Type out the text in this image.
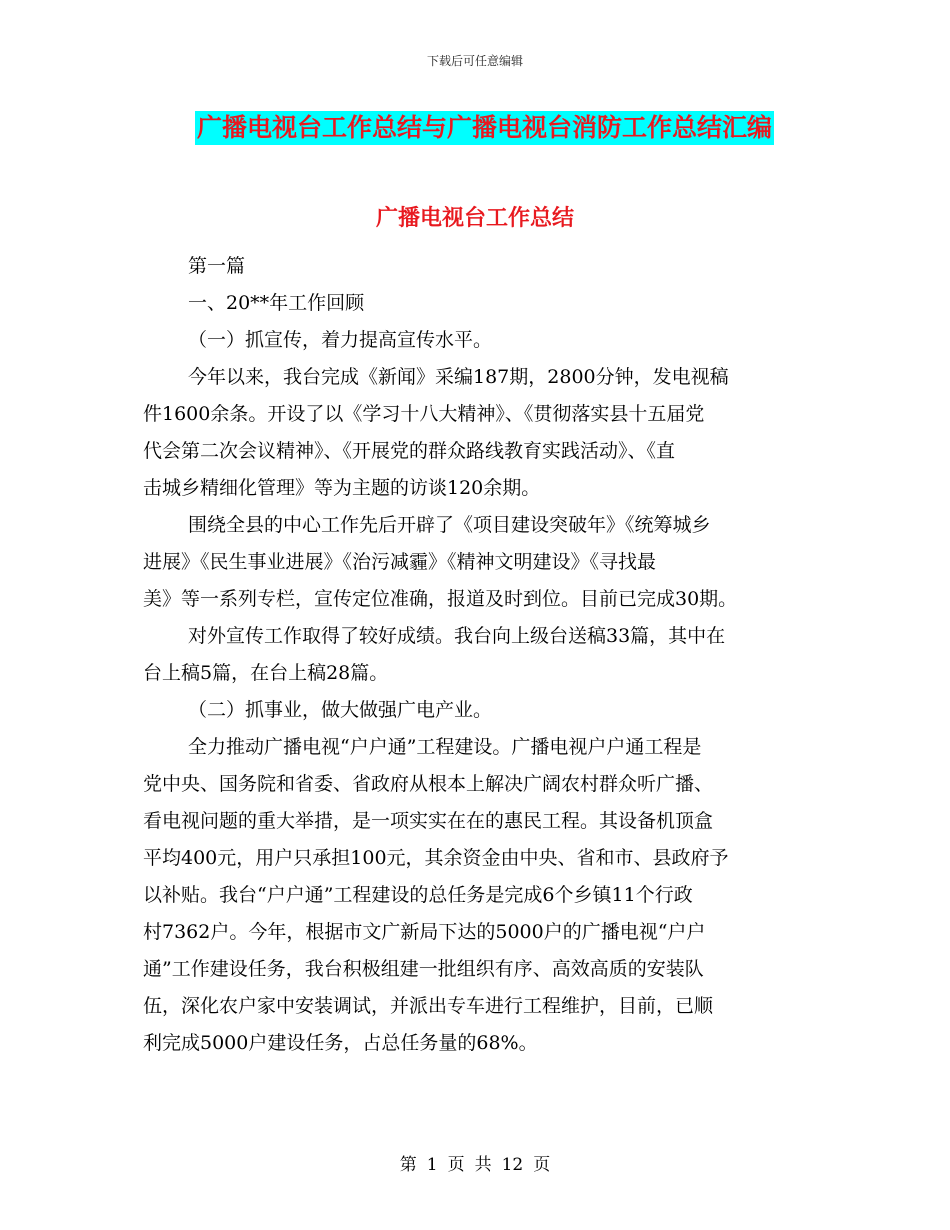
下载后可任意编辑
广播电视台工作总结与广播电视台消防工作总结汇编
广播电视台工作总结
第一篇
一、20**年工作回顾
（一）抓宣传，着力提高宣传水平。
今年以来，我台完成《新闻》采编187期，2800分钟，发电视稿
件1600余条。开设了以《学习十八大精神》、《贯彻落实县十五届党
代会第二次会议精神》、《开展党的群众路线教育实践活动》、《直
击城乡精细化管理》等为主题的访谈120余期。
围绕全县的中心工作先后开辟了《项目建设突破年》《统筹城乡
进展》《民生事业进展》《治污减霾》《精神文明建设》《寻找最
美》等一系列专栏，宣传定位准确，报道及时到位。目前已完成30期。
对外宣传工作取得了较好成绩。我台向上级台送稿33篇，其中在
台上稿5篇，在台上稿28篇。
（二）抓事业，做大做强广电产业。
全力推动广播电视“户户通”工程建设。广播电视户户通工程是
党中央、国务院和省委、省政府从根本上解决广阔农村群众听广播、
看电视问题的重大举措，是一项实实在在的惠民工程。其设备机顶盒
平均400元，用户只承担100元，其余资金由中央、省和市、县政府予
以补贴。我台“户户通”工程建设的总任务是完成6个乡镇11个行政
村7362户。今年，根据市文广新局下达的5000户的广播电视“户户
通”工作建设任务，我台积极组建一批组织有序、高效高质的安装队
伍，深化农户家中安装调试，并派出专车进行工程维护，目前，已顺
利完成5000户建设任务，占总任务量的68%。
第 1 页 共 12 页
